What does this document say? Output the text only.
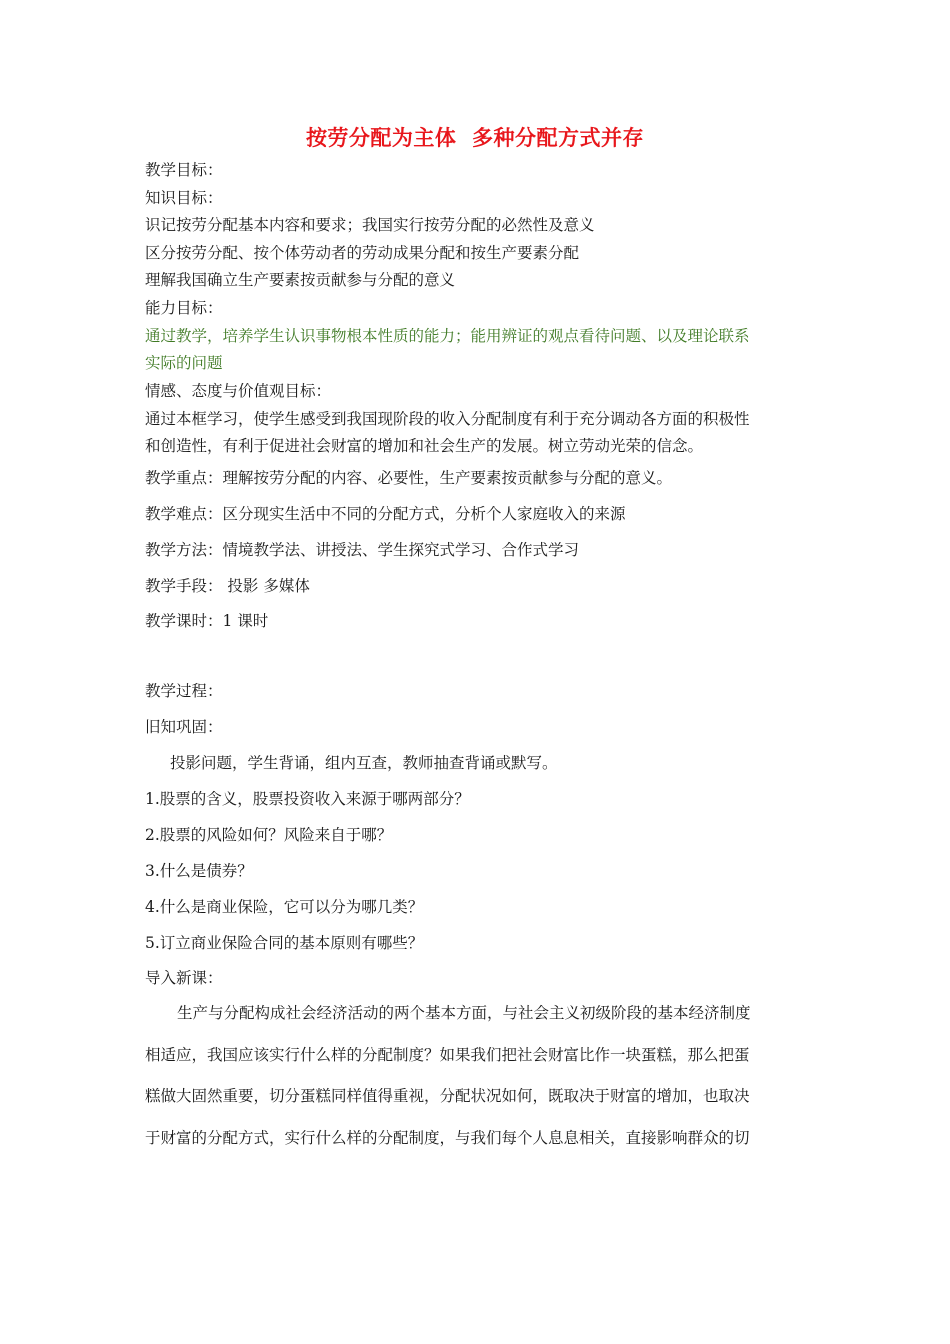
按劳分配为主体  多种分配方式并存
教学目标：
知识目标：
识记按劳分配基本内容和要求；我国实行按劳分配的必然性及意义
区分按劳分配、按个体劳动者的劳动成果分配和按生产要素分配
理解我国确立生产要素按贡献参与分配的意义
能力目标：
通过教学，培养学生认识事物根本性质的能力；能用辨证的观点看待问题、以及理论联系
实际的问题
情感、态度与价值观目标：
通过本框学习，使学生感受到我国现阶段的收入分配制度有利于充分调动各方面的积极性
和创造性，有利于促进社会财富的增加和社会生产的发展。树立劳动光荣的信念。
教学重点：理解按劳分配的内容、必要性，生产要素按贡献参与分配的意义。
教学难点：区分现实生活中不同的分配方式，分析个人家庭收入的来源
教学方法：情境教学法、讲授法、学生探究式学习、合作式学习
教学手段： 投影 多媒体
教学课时：1 课时
教学过程：
旧知巩固：
投影问题，学生背诵，组内互查，教师抽查背诵或默写。
1.股票的含义，股票投资收入来源于哪两部分？
2.股票的风险如何？风险来自于哪？
3.什么是债券？
4.什么是商业保险，它可以分为哪几类？
5.订立商业保险合同的基本原则有哪些？
导入新课：
生产与分配构成社会经济活动的两个基本方面，与社会主义初级阶段的基本经济制度
相适应，我国应该实行什么样的分配制度？如果我们把社会财富比作一块蛋糕，那么把蛋
糕做大固然重要，切分蛋糕同样值得重视，分配状况如何，既取决于财富的增加，也取决
于财富的分配方式，实行什么样的分配制度，与我们每个人息息相关，直接影响群众的切
